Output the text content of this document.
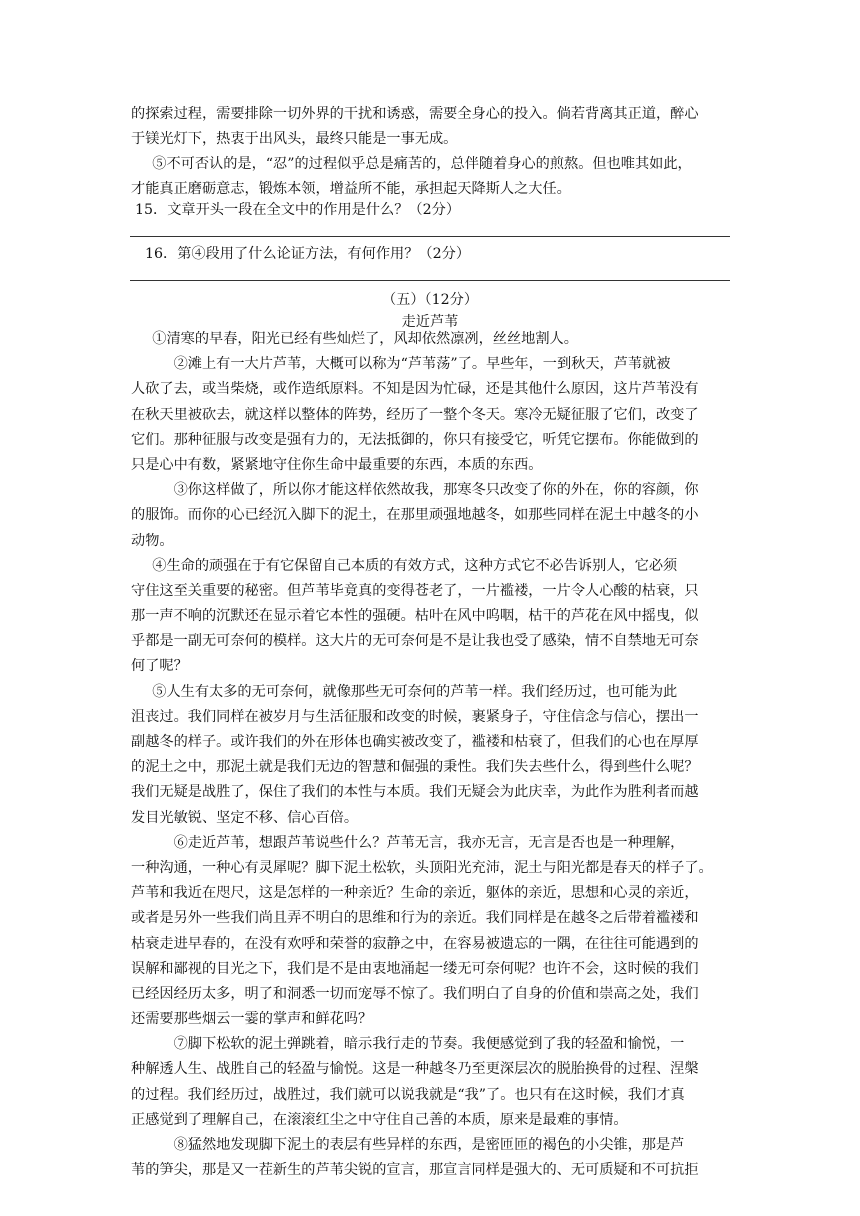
的探索过程，需要排除一切外界的干扰和诱惑，需要全身心的投入。倘若背离其正道，醉心
于镁光灯下，热衷于出风头，最终只能是一事无成。
⑤不可否认的是，“忍”的过程似乎总是痛苦的，总伴随着身心的煎熬。但也唯其如此，
才能真正磨砺意志，锻炼本领，增益所不能，承担起天降斯人之大任。
15．文章开头一段在全文中的作用是什么？（2分）
16．第④段用了什么论证方法，有何作用？（2分）
（五）（12分）
走近芦苇
①清寒的早春，阳光已经有些灿烂了，风却依然凛冽，丝丝地割人。
②滩上有一大片芦苇，大概可以称为“芦苇荡”了。早些年，一到秋天，芦苇就被
人砍了去，或当柴烧，或作造纸原料。不知是因为忙碌，还是其他什么原因，这片芦苇没有
在秋天里被砍去，就这样以整体的阵势，经历了一整个冬天。寒冷无疑征服了它们，改变了
它们。那种征服与改变是强有力的，无法抵御的，你只有接受它，听凭它摆布。你能做到的
只是心中有数，紧紧地守住你生命中最重要的东西，本质的东西。
③你这样做了，所以你才能这样依然故我，那寒冬只改变了你的外在，你的容颜，你
的服饰。而你的心已经沉入脚下的泥土，在那里顽强地越冬，如那些同样在泥土中越冬的小
动物。
④生命的顽强在于有它保留自己本质的有效方式，这种方式它不必告诉别人，它必须
守住这至关重要的秘密。但芦苇毕竟真的变得苍老了，一片褴褛，一片令人心酸的枯衰，只
那一声不响的沉默还在显示着它本性的强硬。枯叶在风中呜咽，枯干的芦花在风中摇曳，似
乎都是一副无可奈何的模样。这大片的无可奈何是不是让我也受了感染，情不自禁地无可奈
何了呢？
⑤人生有太多的无可奈何，就像那些无可奈何的芦苇一样。我们经历过，也可能为此
沮丧过。我们同样在被岁月与生活征服和改变的时候，裹紧身子，守住信念与信心，摆出一
副越冬的样子。或许我们的外在形体也确实被改变了，褴褛和枯衰了，但我们的心也在厚厚
的泥土之中，那泥土就是我们无边的智慧和倔强的秉性。我们失去些什么，得到些什么呢？
我们无疑是战胜了，保住了我们的本性与本质。我们无疑会为此庆幸，为此作为胜利者而越
发目光敏锐、坚定不移、信心百倍。
⑥走近芦苇，想跟芦苇说些什么？芦苇无言，我亦无言，无言是否也是一种理解，
一种沟通，一种心有灵犀呢？脚下泥土松软，头顶阳光充沛，泥土与阳光都是春天的样子了。
芦苇和我近在咫尺，这是怎样的一种亲近？生命的亲近，躯体的亲近，思想和心灵的亲近，
或者是另外一些我们尚且弄不明白的思维和行为的亲近。我们同样是在越冬之后带着褴褛和
枯衰走进早春的，在没有欢呼和荣誉的寂静之中，在容易被遗忘的一隅，在往往可能遇到的
误解和鄙视的目光之下，我们是不是由衷地涌起一缕无可奈何呢？也许不会，这时候的我们
已经因经历太多，明了和洞悉一切而宠辱不惊了。我们明白了自身的价值和崇高之处，我们
还需要那些烟云一霎的掌声和鲜花吗？
⑦脚下松软的泥土弹跳着，暗示我行走的节奏。我便感觉到了我的轻盈和愉悦，一
种解透人生、战胜自己的轻盈与愉悦。这是一种越冬乃至更深层次的脱胎换骨的过程、涅槃
的过程。我们经历过，战胜过，我们就可以说我就是“我”了。也只有在这时候，我们才真
正感觉到了理解自己，在滚滚红尘之中守住自己善的本质，原来是最难的事情。
⑧猛然地发现脚下泥土的表层有些异样的东西，是密匝匝的褐色的小尖锥，那是芦
苇的笋尖，那是又一茬新生的芦苇尖锐的宣言，那宣言同样是强大的、无可质疑和不可抗拒
